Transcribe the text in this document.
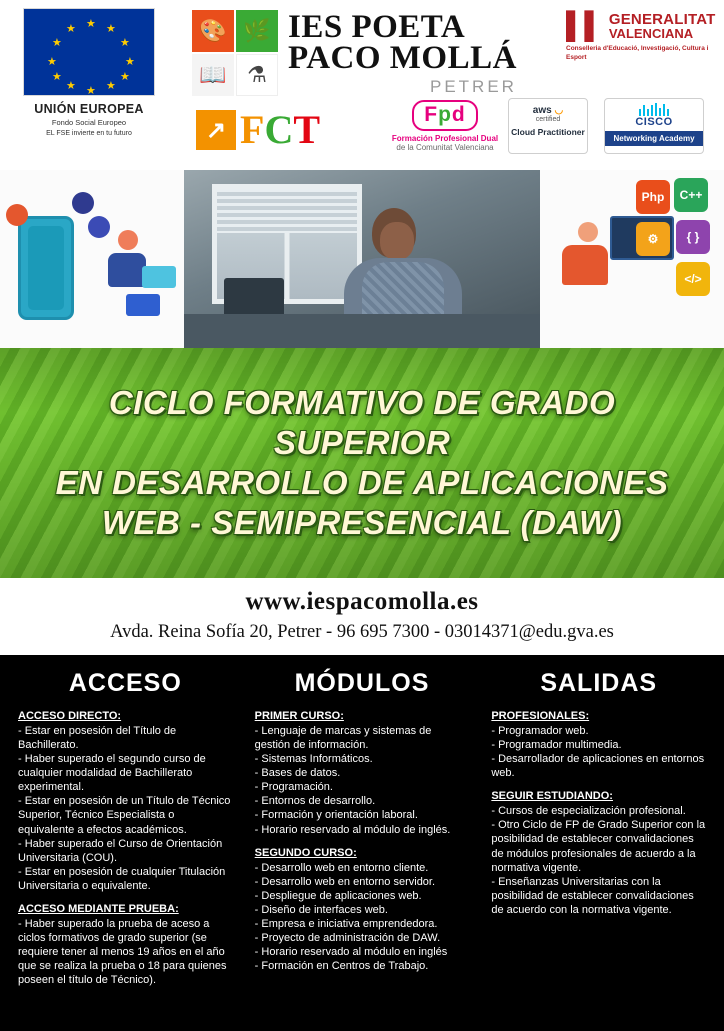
★ ★
★
★
★
★
★
★
★
★
★
★
UNIÓN EUROPEA
Fondo Social Europeo
EL FSE invierte en tu futuro
🎨 🌿
📖 ⚗
IES POETA
PACO MOLLÁ
PETRER
↗ FCT	Fpd
Formación Profesional Dual
de la Comunitat Valenciana
▌▌ GENERALITAT
VALENCIANA
Conselleria d'Educació, Investigació, Cultura i Esport
aws ◡
certified
Cloud Practitioner
CISCO
Networking Academy
Php	C++
⚙	{ }
</>
CICLO FORMATIVO DE GRADO SUPERIOR
EN DESARROLLO DE APLICACIONES
WEB - SEMIPRESENCIAL (DAW)
www.iespacomolla.es
Avda. Reina Sofía 20, Petrer - 96 695 7300 - 03014371@edu.gva.es
ACCESO
ACCESO DIRECTO:
- Estar en posesión del Título de Bachillerato.
- Haber superado el segundo curso de cualquier modalidad de Bachillerato experimental.
- Estar en posesión de un Título de Técnico Superior, Técnico Especialista o equivalente a efectos académicos.
- Haber superado el Curso de Orientación Universitaria (COU).
- Estar en posesión de cualquier Titulación Universitaria o equivalente.
ACCESO MEDIANTE PRUEBA:
- Haber superado la prueba de aceso a ciclos formativos de grado superior (se requiere tener al menos 19 años en el año que se realiza la prueba o 18 para quienes poseen el título de Técnico).
MÓDULOS
PRIMER CURSO:
- Lenguaje de marcas y sistemas de gestión de información.
- Sistemas Informáticos.
- Bases de datos.
- Programación.
- Entornos de desarrollo.
- Formación y orientación laboral.
- Horario reservado al módulo de inglés.
SEGUNDO CURSO:
- Desarrollo web en entorno cliente.
- Desarrollo web en entorno servidor.
- Despliegue de aplicaciones web.
- Diseño de interfaces web.
- Empresa e iniciativa emprendedora.
- Proyecto de administración de DAW.
- Horario reservado al módulo en inglés
- Formación en Centros de Trabajo.
SALIDAS
PROFESIONALES:
- Programador web.
- Programador multimedia.
- Desarrollador de aplicaciones en entornos web.
SEGUIR ESTUDIANDO:
- Cursos de especialización profesional.
- Otro Ciclo de FP de Grado Superior con la posibilidad de establecer convalidaciones de módulos profesionales de acuerdo a la normativa vigente.
- Enseñanzas Universitarias con la posibilidad de establecer convalidaciones de acuerdo con la normativa vigente.
